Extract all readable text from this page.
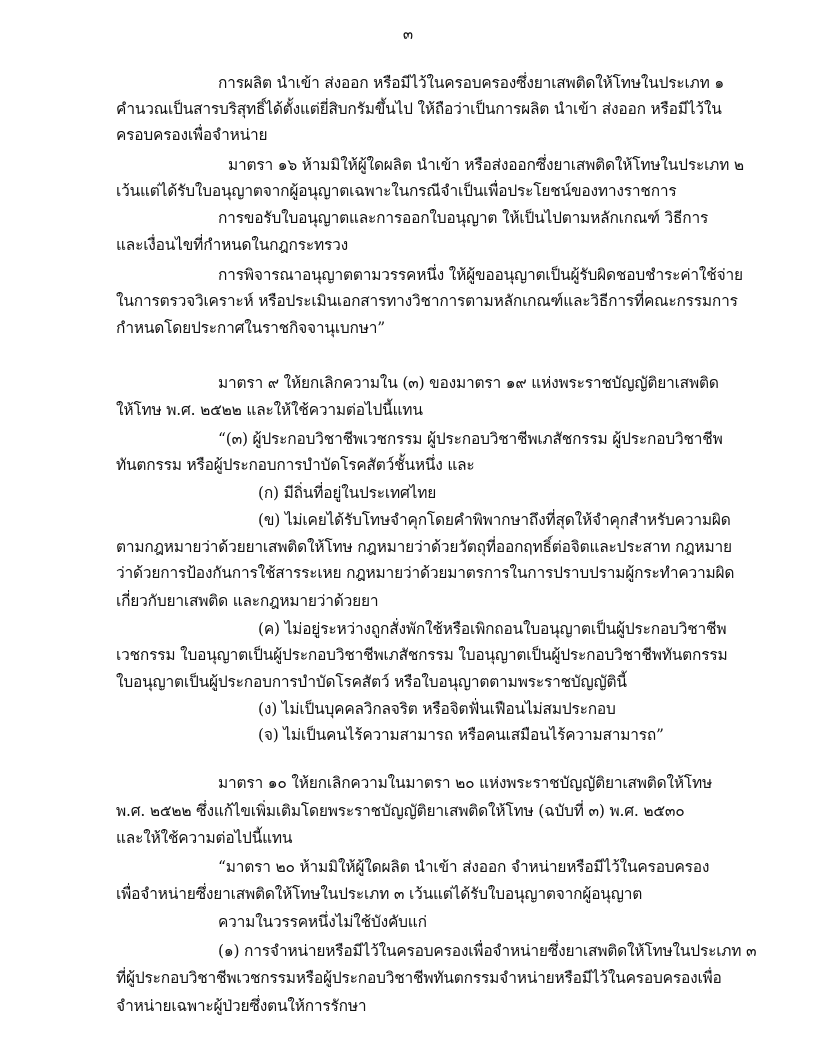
๓
การผลิต นำเข้า ส่งออก หรือมีไว้ในครอบครองซึ่งยาเสพติดให้โทษในประเภท ๑
คำนวณเป็นสารบริสุทธิ์ได้ตั้งแต่ยี่สิบกรัมขึ้นไป ให้ถือว่าเป็นการผลิต นำเข้า ส่งออก หรือมีไว้ใน
ครอบครองเพื่อจำหน่าย
มาตรา ๑๖ ห้ามมิให้ผู้ใดผลิต นำเข้า หรือส่งออกซึ่งยาเสพติดให้โทษในประเภท ๒
เว้นแต่ได้รับใบอนุญาตจากผู้อนุญาตเฉพาะในกรณีจำเป็นเพื่อประโยชน์ของทางราชการ
การขอรับใบอนุญาตและการออกใบอนุญาต ให้เป็นไปตามหลักเกณฑ์ วิธีการ
และเงื่อนไขที่กำหนดในกฎกระทรวง
การพิจารณาอนุญาตตามวรรคหนึ่ง ให้ผู้ขออนุญาตเป็นผู้รับผิดชอบชำระค่าใช้จ่าย
ในการตรวจวิเคราะห์ หรือประเมินเอกสารทางวิชาการตามหลักเกณฑ์และวิธีการที่คณะกรรมการ
กำหนดโดยประกาศในราชกิจจานุเบกษา”
มาตรา ๙ ให้ยกเลิกความใน (๓) ของมาตรา ๑๙ แห่งพระราชบัญญัติยาเสพติด
ให้โทษ พ.ศ. ๒๕๒๒ และให้ใช้ความต่อไปนี้แทน
“(๓) ผู้ประกอบวิชาชีพเวชกรรม ผู้ประกอบวิชาชีพเภสัชกรรม ผู้ประกอบวิชาชีพ
ทันตกรรม หรือผู้ประกอบการบำบัดโรคสัตว์ชั้นหนึ่ง และ
(ก) มีถิ่นที่อยู่ในประเทศไทย
(ข) ไม่เคยได้รับโทษจำคุกโดยคำพิพากษาถึงที่สุดให้จำคุกสำหรับความผิด
ตามกฎหมายว่าด้วยยาเสพติดให้โทษ กฎหมายว่าด้วยวัตถุที่ออกฤทธิ์ต่อจิตและประสาท กฎหมาย
ว่าด้วยการป้องกันการใช้สารระเหย กฎหมายว่าด้วยมาตรการในการปราบปรามผู้กระทำความผิด
เกี่ยวกับยาเสพติด และกฎหมายว่าด้วยยา
(ค) ไม่อยู่ระหว่างถูกสั่งพักใช้หรือเพิกถอนใบอนุญาตเป็นผู้ประกอบวิชาชีพ
เวชกรรม ใบอนุญาตเป็นผู้ประกอบวิชาชีพเภสัชกรรม ใบอนุญาตเป็นผู้ประกอบวิชาชีพทันตกรรม
ใบอนุญาตเป็นผู้ประกอบการบำบัดโรคสัตว์ หรือใบอนุญาตตามพระราชบัญญัตินี้
(ง) ไม่เป็นบุคคลวิกลจริต หรือจิตฟั่นเฟือนไม่สมประกอบ
(จ) ไม่เป็นคนไร้ความสามารถ หรือคนเสมือนไร้ความสามารถ”
มาตรา ๑๐ ให้ยกเลิกความในมาตรา ๒๐ แห่งพระราชบัญญัติยาเสพติดให้โทษ
พ.ศ. ๒๕๒๒ ซึ่งแก้ไขเพิ่มเติมโดยพระราชบัญญัติยาเสพติดให้โทษ (ฉบับที่ ๓) พ.ศ. ๒๕๓๐
และให้ใช้ความต่อไปนี้แทน
“มาตรา ๒๐ ห้ามมิให้ผู้ใดผลิต นำเข้า ส่งออก จำหน่ายหรือมีไว้ในครอบครอง
เพื่อจำหน่ายซึ่งยาเสพติดให้โทษในประเภท ๓ เว้นแต่ได้รับใบอนุญาตจากผู้อนุญาต
ความในวรรคหนึ่งไม่ใช้บังคับแก่
(๑) การจำหน่ายหรือมีไว้ในครอบครองเพื่อจำหน่ายซึ่งยาเสพติดให้โทษในประเภท ๓
ที่ผู้ประกอบวิชาชีพเวชกรรมหรือผู้ประกอบวิชาชีพทันตกรรมจำหน่ายหรือมีไว้ในครอบครองเพื่อ
จำหน่ายเฉพาะผู้ป่วยซึ่งตนให้การรักษา
